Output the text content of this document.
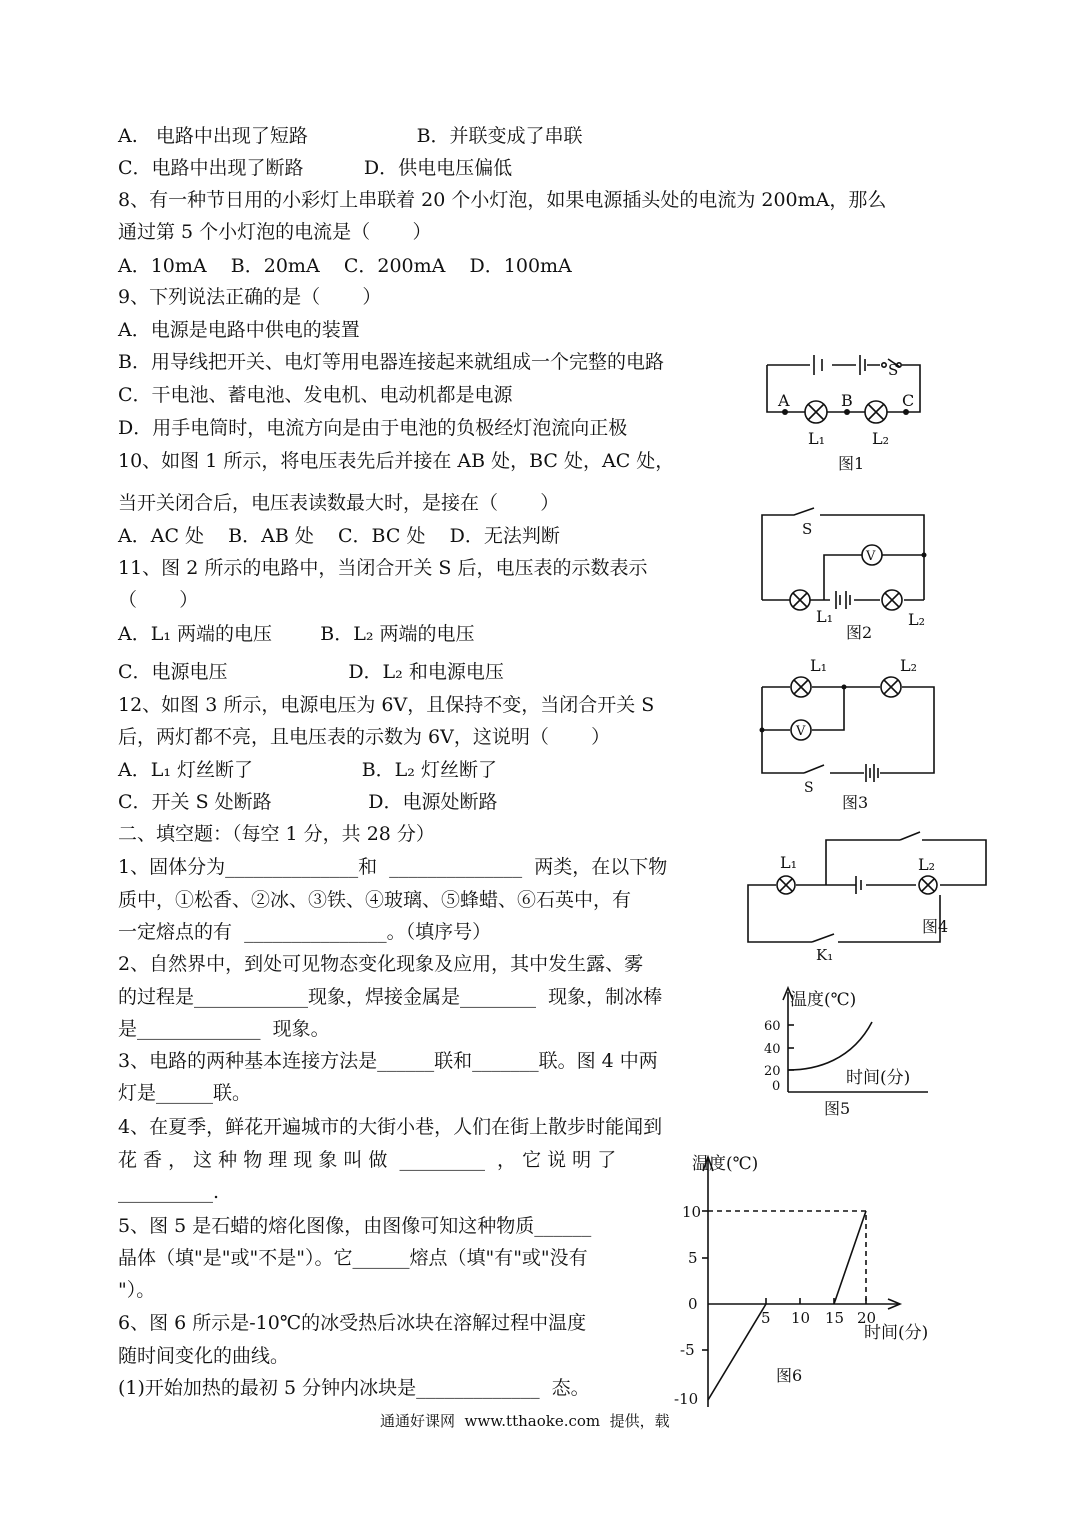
A.   电路中出现了短路                  B．并联变成了串联
C．电路中出现了断路          D．供电电压偏低
8、有一种节日用的小彩灯上串联着 20 个小灯泡，如果电源插头处的电流为 200mA，那么
通过第 5 个小灯泡的电流是（       ）
A．10mA    B．20mA    C．200mA    D．100mA
9、下列说法正确的是（       ）
A．电源是电路中供电的装置
B．用导线把开关、电灯等用电器连接起来就组成一个完整的电路
C．干电池、蓄电池、发电机、电动机都是电源
D．用手电筒时，电流方向是由于电池的负极经灯泡流向正极
10、如图 1 所示，将电压表先后并接在 AB 处，BC 处，AC 处，
当开关闭合后，电压表读数最大时，是接在（       ）
A．AC 处    B．AB 处    C．BC 处    D．无法判断
11、图 2 所示的电路中，当闭合开关 S 后，电压表的示数表示
（       ）
A．L₁ 两端的电压        B．L₂ 两端的电压
C．电源电压                    D．L₂ 和电源电压
12、如图 3 所示，电源电压为 6V，且保持不变，当闭合开关 S
后，两灯都不亮，且电压表的示数为 6V，这说明（       ）
A．L₁ 灯丝断了                  B．L₂ 灯丝断了
C．开关 S 处断路                D．电源处断路
二、填空题：（每空 1 分，共 28 分）
1、固体分为______________和  ______________  两类，在以下物
质中，①松香、②冰、③铁、④玻璃、⑤蜂蜡、⑥石英中，有
一定熔点的有  _______________。（填序号）
2、自然界中，到处可见物态变化现象及应用，其中发生露、雾
的过程是____________现象，焊接金属是________  现象，制冰棒
是_____________  现象。
3、电路的两种基本连接方法是______联和_______联。图 4 中两
灯是______联。
4、在夏季，鲜花开遍城市的大街小巷，人们在街上散步时能闻到
花 香 ， 这 种 物 理 现 象 叫 做  _________  ， 它 说 明 了
__________.
5、图 5 是石蜡的熔化图像，由图像可知这种物质______
晶体（填"是"或"不是"）。它______熔点（填"有"或"没有
"）。
6、图 6 所示是-10℃的冰受热后冰块在溶解过程中温度
随时间变化的曲线。
(1)开始加热的最初 5 分钟内冰块是_____________  态。
S
A	B	C
L₁	L₂
图1
S
V
L₁	L₂
图2
L₁	L₂
V
S
图3
L₁	L₂
K₁
图4
温度(℃)
60
40
20
0	时间(分)
图5
温度(℃)
10
5
0
-5
-10
5 10 15 20
时间(分)
图6
通通好课网  www.tthaoke.com  提供，载
